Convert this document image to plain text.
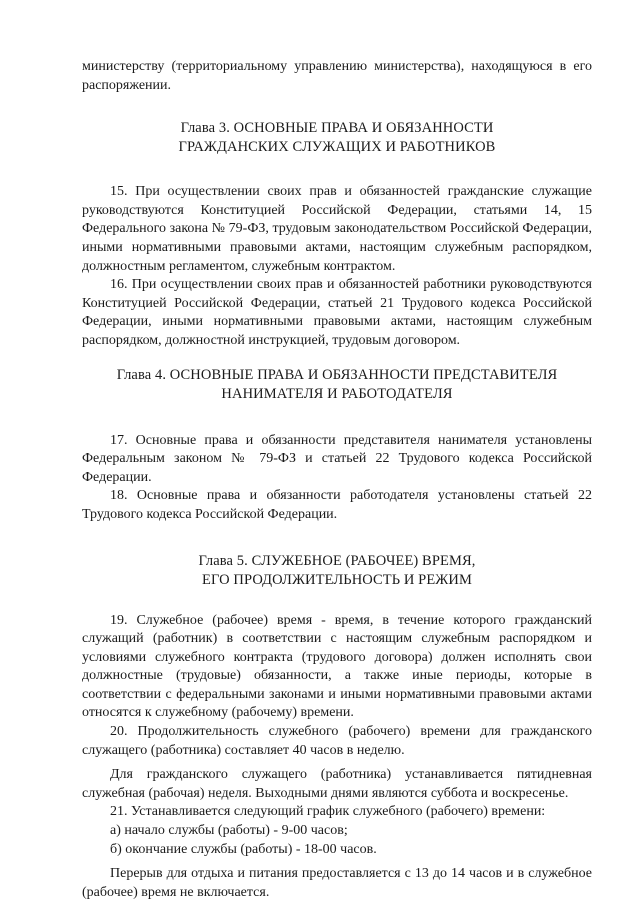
министерству (территориальному управлению министерства), находящуюся в его распоряжении.

Глава 3. ОСНОВНЫЕ ПРАВА И ОБЯЗАННОСТИ
ГРАЖДАНСКИХ СЛУЖАЩИХ И РАБОТНИКОВ

15. При осуществлении своих прав и обязанностей гражданские служащие руководствуются Конституцией Российской Федерации, статьями 14, 15 Федерального закона № 79-ФЗ, трудовым законодательством Российской Федерации, иными нормативными правовыми актами, настоящим служебным распорядком, должностным регламентом, служебным контрактом.

16. При осуществлении своих прав и обязанностей работники руководствуются Конституцией Российской Федерации, статьей 21 Трудового кодекса Российской Федерации, иными нормативными правовыми актами, настоящим служебным распорядком, должностной инструкцией, трудовым договором.

Глава 4. ОСНОВНЫЕ ПРАВА И ОБЯЗАННОСТИ ПРЕДСТАВИТЕЛЯ
НАНИМАТЕЛЯ И РАБОТОДАТЕЛЯ

17. Основные права и обязанности представителя нанимателя установлены Федеральным законом № 79-ФЗ и статьей 22 Трудового кодекса Российской Федерации.

18. Основные права и обязанности работодателя установлены статьей 22 Трудового кодекса Российской Федерации.

Глава 5. СЛУЖЕБНОЕ (РАБОЧЕЕ) ВРЕМЯ,
ЕГО ПРОДОЛЖИТЕЛЬНОСТЬ И РЕЖИМ

19. Служебное (рабочее) время - время, в течение которого гражданский служащий (работник) в соответствии с настоящим служебным распорядком и условиями служебного контракта (трудового договора) должен исполнять свои должностные (трудовые) обязанности, а также иные периоды, которые в соответствии с федеральными законами и иными нормативными правовыми актами относятся к служебному (рабочему) времени.

20. Продолжительность служебного (рабочего) времени для гражданского служащего (работника) составляет 40 часов в неделю.

Для гражданского служащего (работника) устанавливается пятидневная служебная (рабочая) неделя. Выходными днями являются суббота и воскресенье.

21. Устанавливается следующий график служебного (рабочего) времени:

а) начало службы (работы) - 9-00 часов;

б) окончание службы (работы) - 18-00 часов.

Перерыв для отдыха и питания предоставляется с 13 до 14 часов и в служебное (рабочее) время не включается.
